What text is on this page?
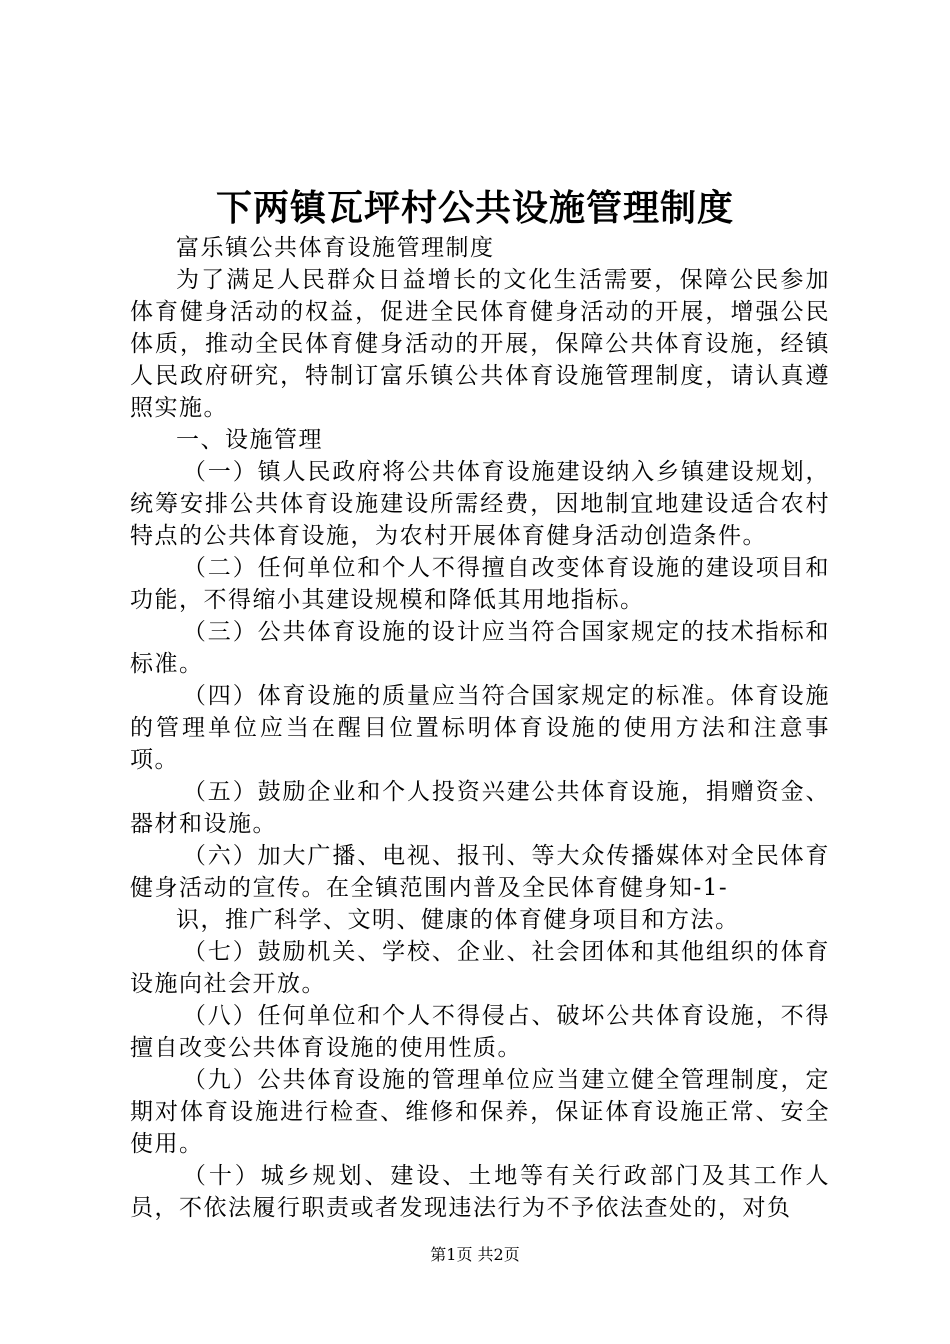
下两镇瓦坪村公共设施管理制度

富乐镇公共体育设施管理制度

为了满足人民群众日益增长的文化生活需要，保障公民参加体育健身活动的权益，促进全民体育健身活动的开展，增强公民体质，推动全民体育健身活动的开展，保障公共体育设施，经镇人民政府研究，特制订富乐镇公共体育设施管理制度，请认真遵照实施。

一、设施管理

（一）镇人民政府将公共体育设施建设纳入乡镇建设规划，统筹安排公共体育设施建设所需经费，因地制宜地建设适合农村特点的公共体育设施，为农村开展体育健身活动创造条件。

（二）任何单位和个人不得擅自改变体育设施的建设项目和功能，不得缩小其建设规模和降低其用地指标。

（三）公共体育设施的设计应当符合国家规定的技术指标和标准。

（四）体育设施的质量应当符合国家规定的标准。体育设施的管理单位应当在醒目位置标明体育设施的使用方法和注意事项。

（五）鼓励企业和个人投资兴建公共体育设施，捐赠资金、器材和设施。

（六）加大广播、电视、报刊、等大众传播媒体对全民体育健身活动的宣传。在全镇范围内普及全民体育健身知-1-

识，推广科学、文明、健康的体育健身项目和方法。

（七）鼓励机关、学校、企业、社会团体和其他组织的体育设施向社会开放。

（八）任何单位和个人不得侵占、破坏公共体育设施，不得擅自改变公共体育设施的使用性质。

（九）公共体育设施的管理单位应当建立健全管理制度，定期对体育设施进行检查、维修和保养，保证体育设施正常、安全使用。

（十）城乡规划、建设、土地等有关行政部门及其工作人员，不依法履行职责或者发现违法行为不予依法查处的，对负

第1页 共2页
